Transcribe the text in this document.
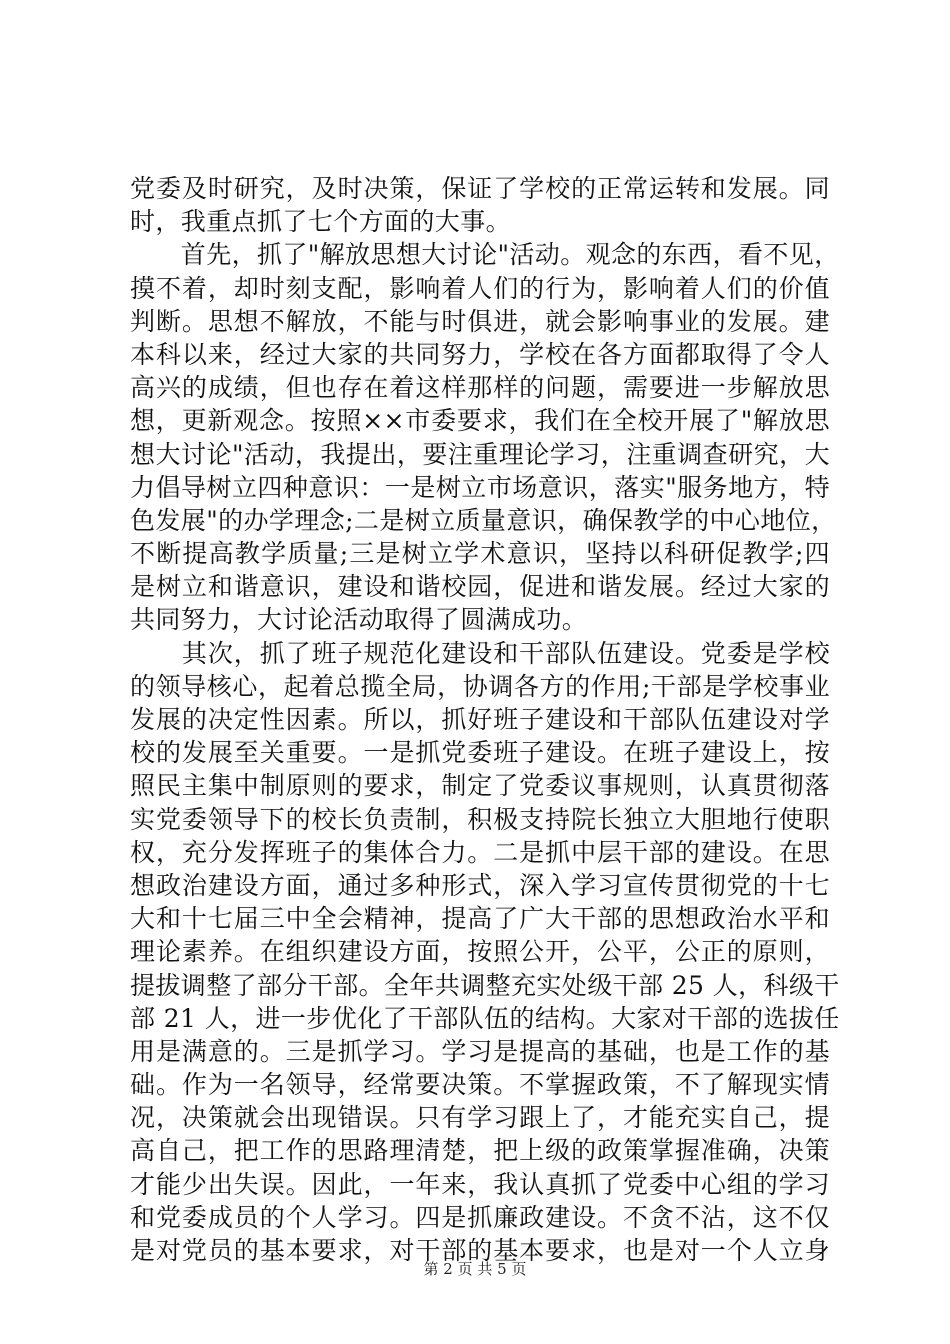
党委及时研究，及时决策，保证了学校的正常运转和发展。同
时，我重点抓了七个方面的大事。
　　首先，抓了"解放思想大讨论"活动。观念的东西，看不见，
摸不着，却时刻支配，影响着人们的行为，影响着人们的价值
判断。思想不解放，不能与时俱进，就会影响事业的发展。建
本科以来，经过大家的共同努力，学校在各方面都取得了令人
高兴的成绩，但也存在着这样那样的问题，需要进一步解放思
想，更新观念。按照××市委要求，我们在全校开展了"解放思
想大讨论"活动，我提出，要注重理论学习，注重调查研究，大
力倡导树立四种意识：一是树立市场意识，落实"服务地方，特
色发展"的办学理念;二是树立质量意识，确保教学的中心地位，
不断提高教学质量;三是树立学术意识，坚持以科研促教学;四
是树立和谐意识，建设和谐校园，促进和谐发展。经过大家的
共同努力，大讨论活动取得了圆满成功。
　　其次，抓了班子规范化建设和干部队伍建设。党委是学校
的领导核心，起着总揽全局，协调各方的作用;干部是学校事业
发展的决定性因素。所以，抓好班子建设和干部队伍建设对学
校的发展至关重要。一是抓党委班子建设。在班子建设上，按
照民主集中制原则的要求，制定了党委议事规则，认真贯彻落
实党委领导下的校长负责制，积极支持院长独立大胆地行使职
权，充分发挥班子的集体合力。二是抓中层干部的建设。在思
想政治建设方面，通过多种形式，深入学习宣传贯彻党的十七
大和十七届三中全会精神，提高了广大干部的思想政治水平和
理论素养。在组织建设方面，按照公开，公平，公正的原则，
提拔调整了部分干部。全年共调整充实处级干部 25 人，科级干
部 21 人，进一步优化了干部队伍的结构。大家对干部的选拔任
用是满意的。三是抓学习。学习是提高的基础，也是工作的基
础。作为一名领导，经常要决策。不掌握政策，不了解现实情
况，决策就会出现错误。只有学习跟上了，才能充实自己，提
高自己，把工作的思路理清楚，把上级的政策掌握准确，决策
才能少出失误。因此，一年来，我认真抓了党委中心组的学习
和党委成员的个人学习。四是抓廉政建设。不贪不沾，这不仅
是对党员的基本要求，对干部的基本要求，也是对一个人立身
第 2 页 共 5 页
